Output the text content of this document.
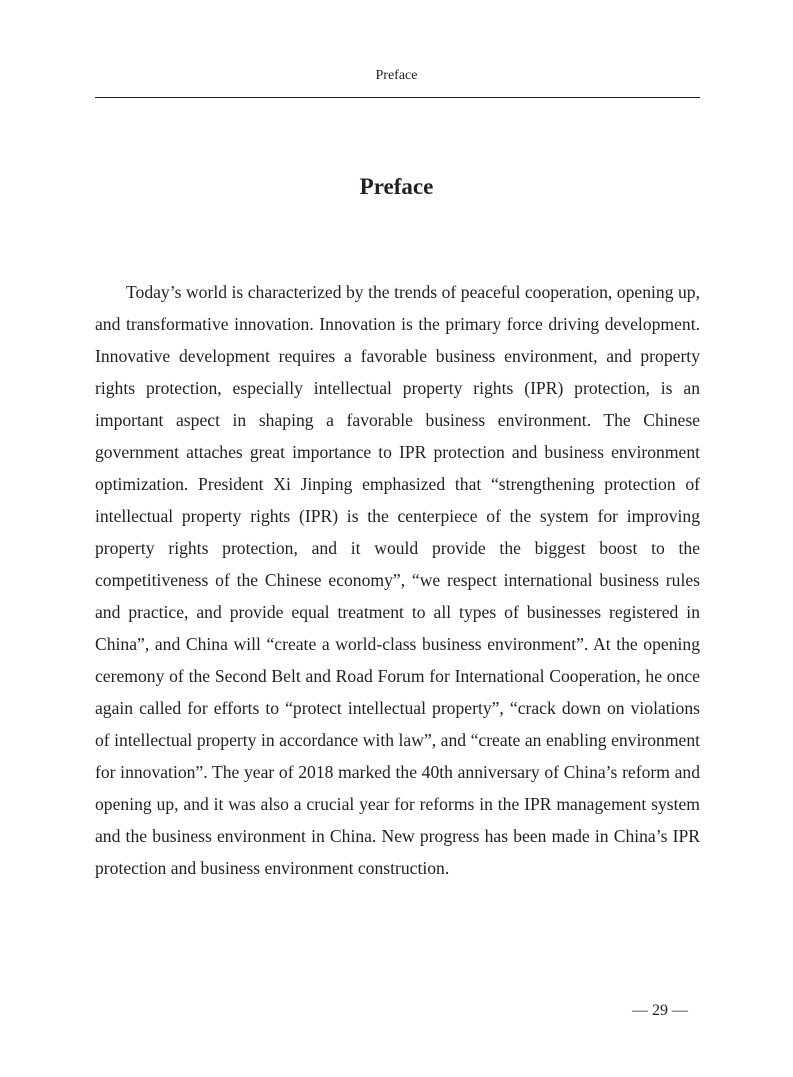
Preface
Preface

Today’s world is characterized by the trends of peaceful cooperation, opening up, and transformative innovation. Innovation is the primary force driving development. Innovative development requires a favorable business environment, and property rights protection, especially intellectual property rights (IPR) protection, is an important aspect in shaping a favorable business environment. The Chinese government attaches great importance to IPR protection and business environment optimization. President Xi Jinping emphasized that “strengthening protection of intellectual property rights (IPR) is the centerpiece of the system for improving property rights protection, and it would provide the biggest boost to the competitiveness of the Chinese economy”, “we respect international business rules and practice, and provide equal treatment to all types of businesses registered in China”, and China will “create a world-class business environment”. At the opening ceremony of the Second Belt and Road Forum for International Cooperation, he once again called for efforts to “protect intellectual property”, “crack down on violations of intellectual property in accordance with law”, and “create an enabling environment for innovation”. The year of 2018 marked the 40th anniversary of China’s reform and opening up, and it was also a crucial year for reforms in the IPR management system and the business environment in China. New progress has been made in China’s IPR protection and business environment construction.

— 29 —
